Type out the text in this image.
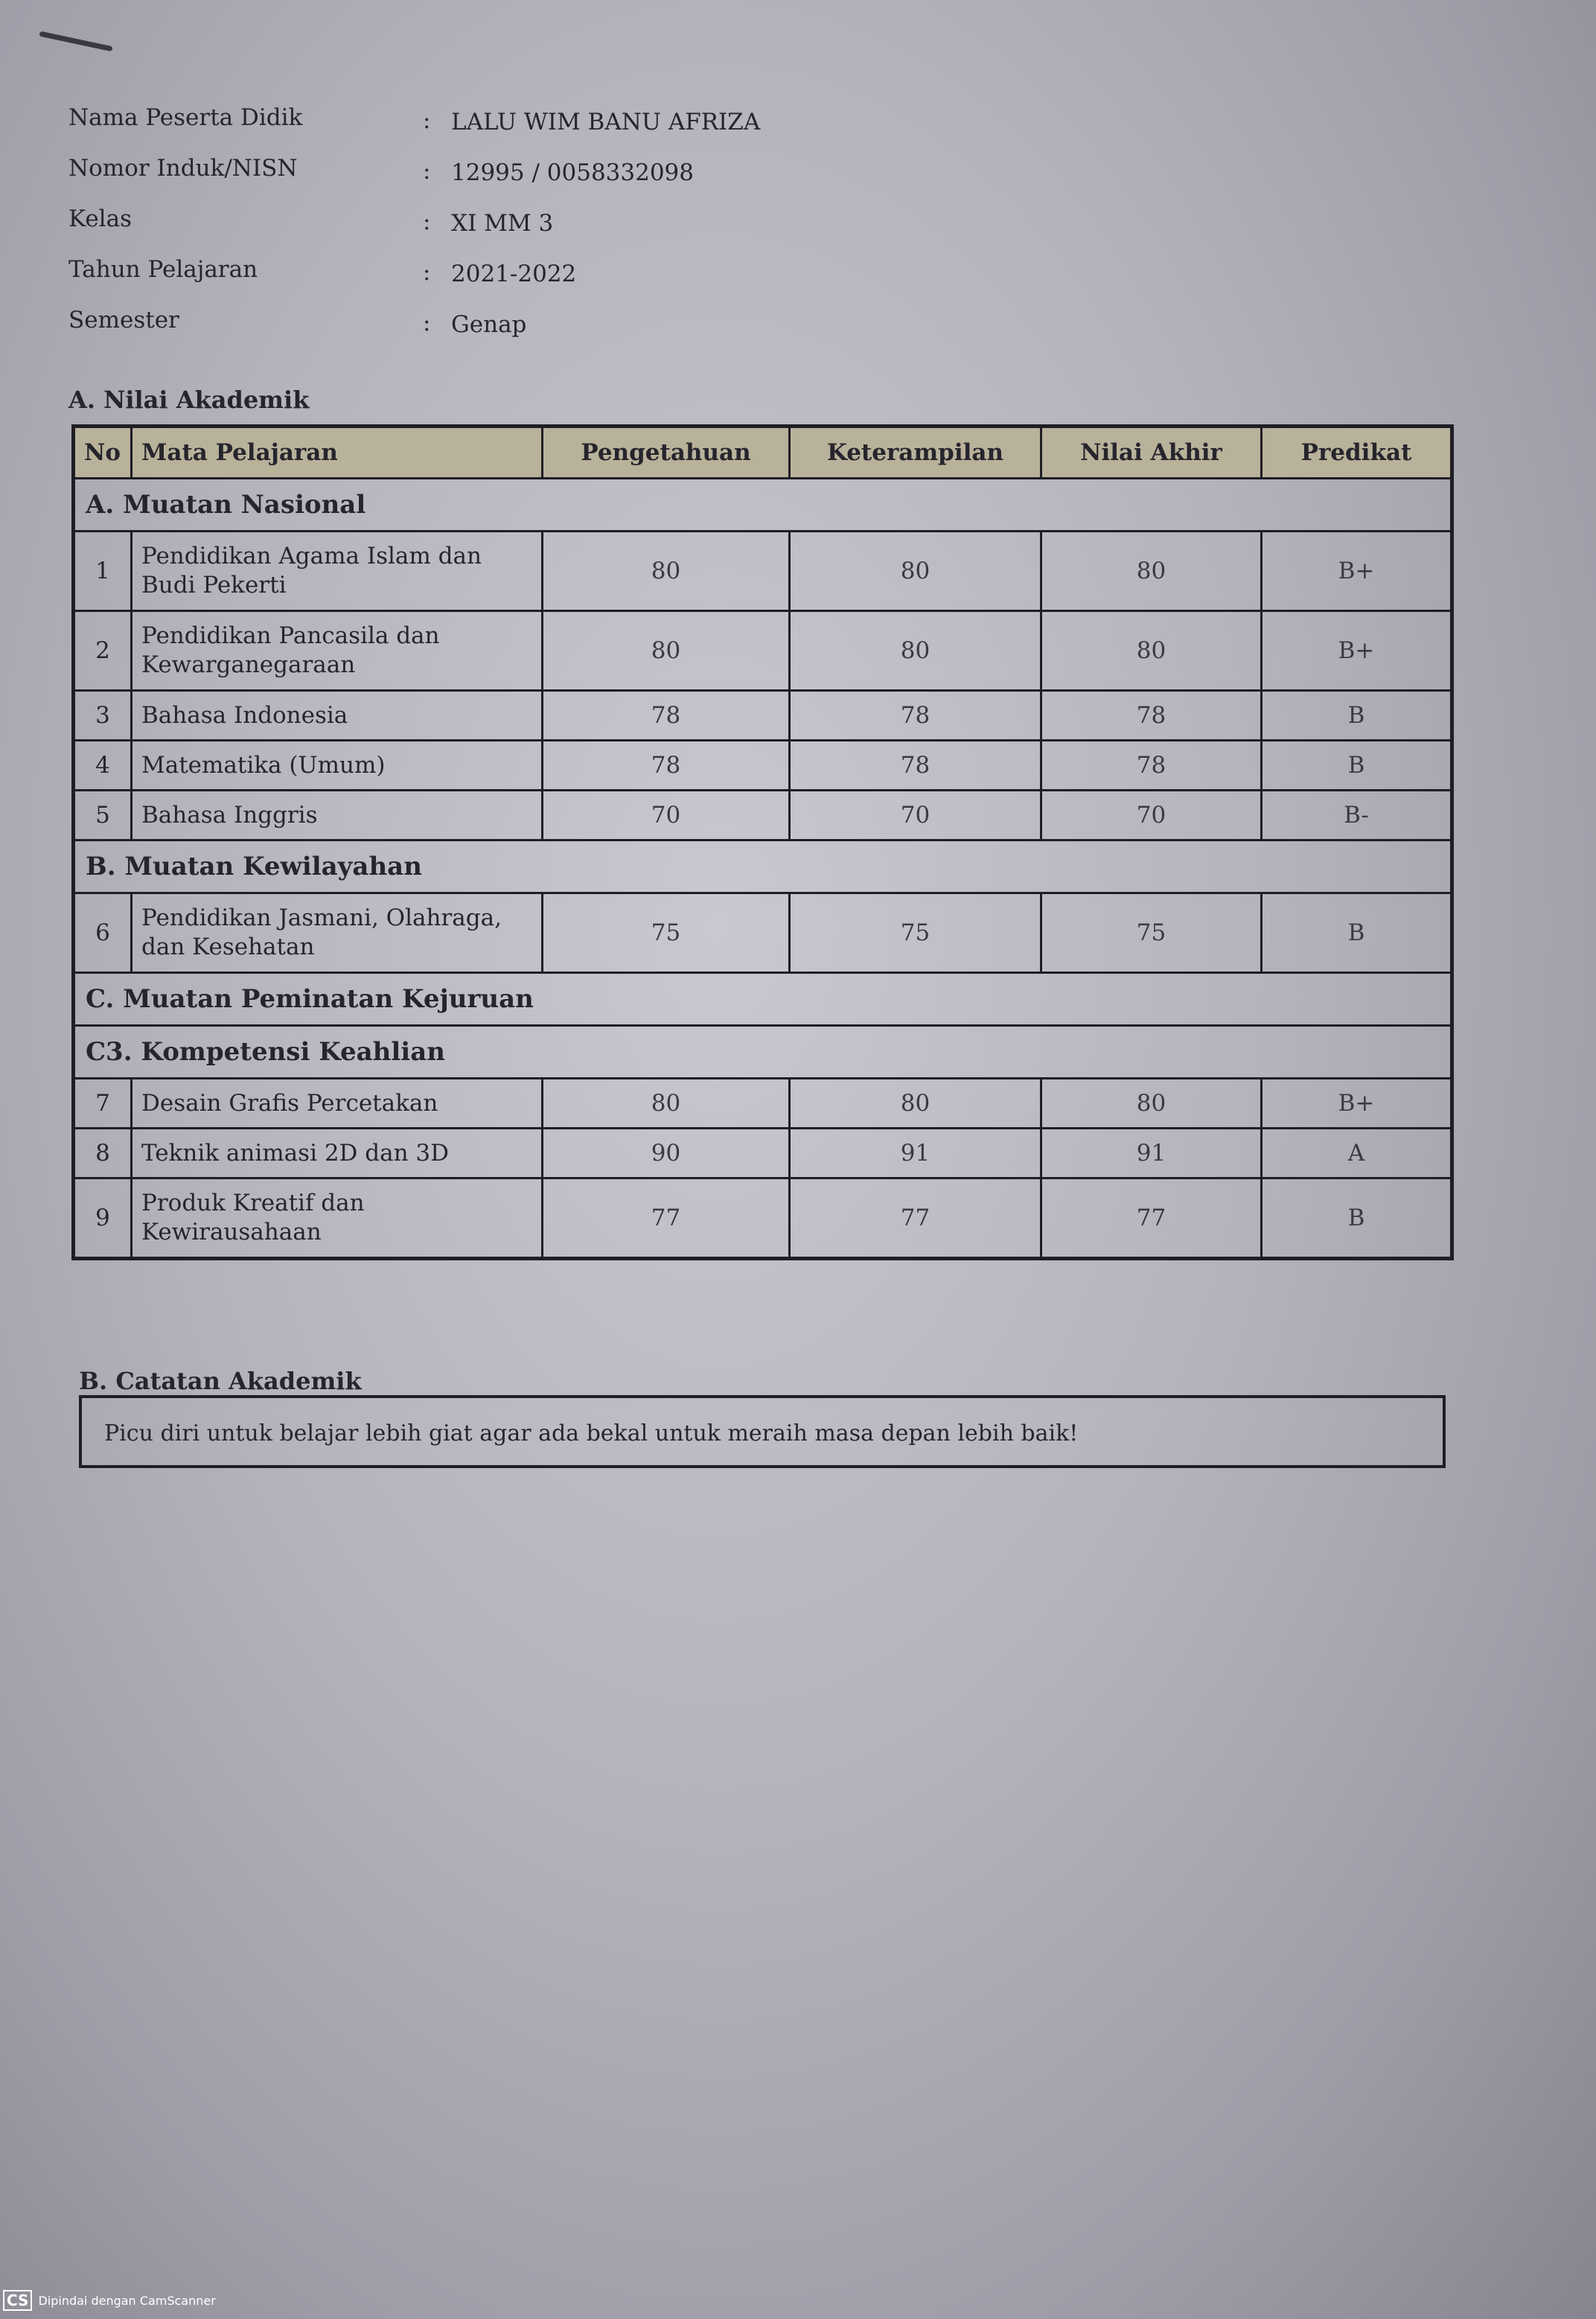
Nama Peserta Didik	: LALU WIM BANU AFRIZA
Nomor Induk/NISN	: 12995 / 0058332098
Kelas	: XI MM 3
Tahun Pelajaran	: 2021-2022
Semester	: Genap
A. Nilai Akademik
No	Mata Pelajaran	Pengetahuan	Keterampilan	Nilai Akhir	Predikat
A. Muatan Nasional					
1	Pendidikan Agama Islam dan Budi Pekerti	80	80	80	B+
2	Pendidikan Pancasila dan Kewarganegaraan	80	80	80	B+
3	Bahasa Indonesia	78	78	78	B
4	Matematika (Umum)	78	78	78	B
5	Bahasa Inggris	70	70	70	B-
B. Muatan Kewilayahan					
6	Pendidikan Jasmani, Olahraga, dan Kesehatan	75	75	75	B
C. Muatan Peminatan Kejuruan					
C3. Kompetensi Keahlian					
7	Desain Grafis Percetakan	80	80	80	B+
8	Teknik animasi 2D dan 3D	90	91	91	A
9	Produk Kreatif dan Kewirausahaan	77	77	77	B
B. Catatan Akademik
Picu diri untuk belajar lebih giat agar ada bekal untuk meraih masa depan lebih baik!
CS Dipindai dengan CamScanner
